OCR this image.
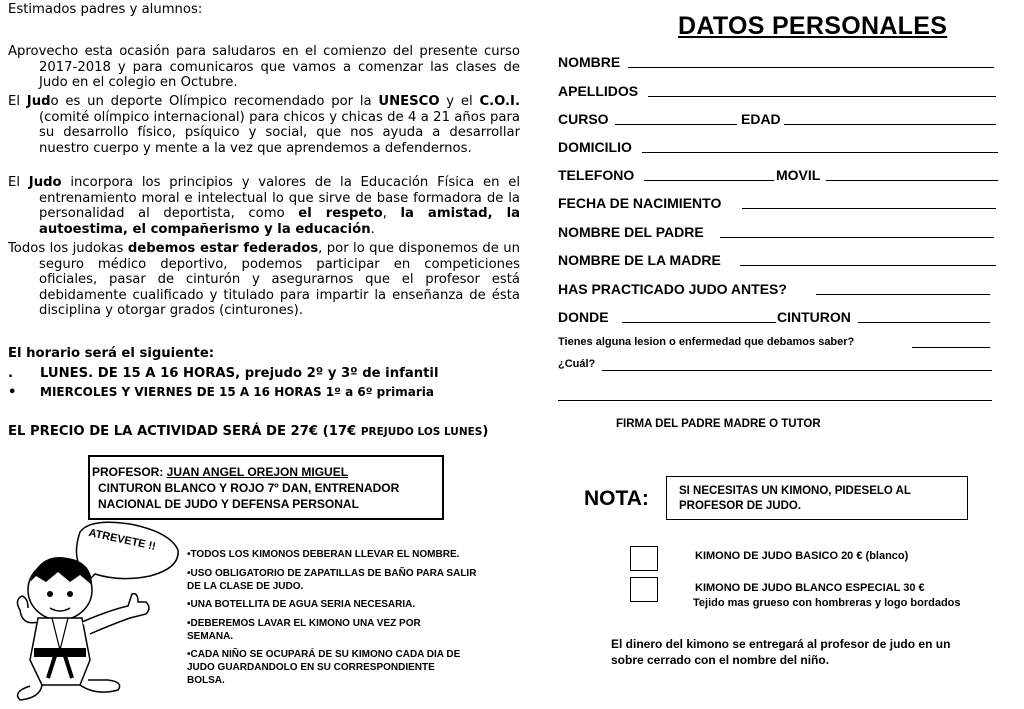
Estimados padres y alumnos:

Aprovecho esta ocasión para saludaros en el comienzo del presente curso 2017-2018 y para comunicaros que vamos a comenzar las clases de Judo en el colegio en Octubre.

El Judo es un deporte Olímpico recomendado por la UNESCO y el C.O.I. (comité olímpico internacional) para chicos y chicas de 4 a 21 años para su desarrollo físico, psíquico y social, que nos ayuda a desarrollar nuestro cuerpo y mente a la vez que aprendemos a defendernos.

El Judo incorpora los principios y valores de la Educación Física en el entrenamiento moral e intelectual lo que sirve de base formadora de la personalidad al deportista, como el respeto, la amistad, la autoestima, el compañerismo y la educación.

Todos los judokas debemos estar federados, por lo que disponemos de un seguro médico deportivo, podemos participar en competiciones oficiales, pasar de cinturón y asegurarnos que el profesor está debidamente cualificado y titulado para impartir la enseñanza de ésta disciplina y otorgar grados (cinturones).

El horario será el siguiente:
. LUNES. DE 15 A 16 HORAS, prejudo 2º y 3º de infantil
• MIERCOLES Y VIERNES DE 15 A 16 HORAS 1º a 6º primaria
EL PRECIO DE LA ACTIVIDAD SERÁ DE 27€ (17€ PREJUDO LOS LUNES)
PROFESOR: JUAN ANGEL OREJON MIGUEL
CINTURON BLANCO Y ROJO 7º DAN, ENTRENADOR
NACIONAL DE JUDO Y DEFENSA PERSONAL
ATREVETE !!
•TODOS LOS KIMONOS DEBERAN LLEVAR EL NOMBRE.
•USO OBLIGATORIO DE ZAPATILLAS DE BAÑO PARA SALIR DE LA CLASE DE JUDO.
•UNA BOTELLITA DE AGUA SERIA NECESARIA.
•DEBEREMOS LAVAR EL KIMONO UNA VEZ POR SEMANA.
•CADA NIÑO SE OCUPARÁ DE SU KIMONO CADA DIA DE JUDO GUARDANDOLO EN SU CORRESPONDIENTE BOLSA.
DATOS PERSONALES
NOMBRE
APELLIDOS
CURSO	EDAD
DOMICILIO
TELEFONO	MOVIL
FECHA DE NACIMIENTO
NOMBRE DEL PADRE
NOMBRE DE LA MADRE
HAS PRACTICADO JUDO ANTES?
DONDE	CINTURON
Tienes alguna lesion o enfermedad que debamos saber?
¿Cuál?
FIRMA DEL PADRE MADRE O TUTOR
NOTA:	SI NECESITAS UN KIMONO, PIDESELO AL PROFESOR DE JUDO.
KIMONO DE JUDO BASICO 20 € (blanco)
KIMONO DE JUDO BLANCO ESPECIAL 30 €
Tejido mas grueso con hombreras y logo bordados
El dinero del kimono se entregará al profesor de judo en un sobre cerrado con el nombre del niño.
